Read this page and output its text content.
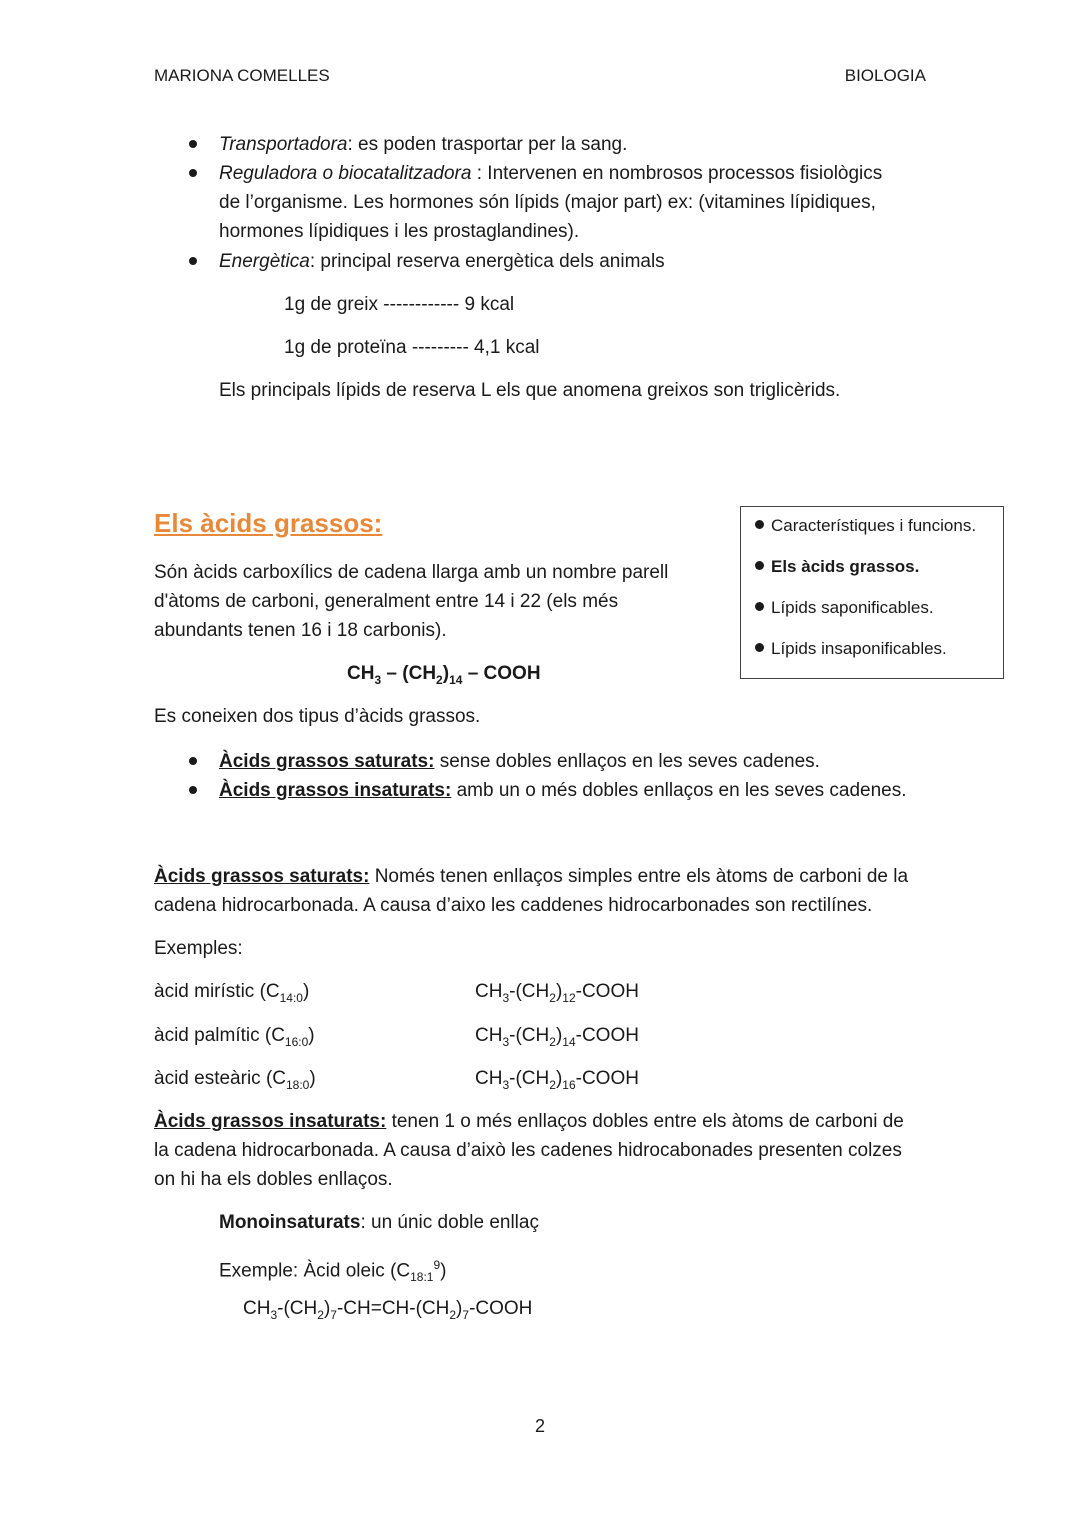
MARIONA COMELLES	BIOLOGIA
Transportadora: es poden trasportar per la sang.
Reguladora o biocatalitzadora : Intervenen en nombrosos processos fisiològics
de l’organisme. Les hormones són lípids (major part) ex: (vitamines lípidiques,
hormones lípidiques i les prostaglandines).
Energètica: principal reserva energètica dels animals
1g de greix ------------ 9 kcal
1g de proteïna --------- 4,1 kcal
Els principals lípids de reserva L els que anomena greixos son triglicèrids.
Els àcids grassos:	Característiques i funcions.
Els àcids grassos.
Lípids saponificables.
Lípids insaponificables.
Són àcids carboxílics de cadena llarga amb un nombre parell
d'àtoms de carboni, generalment entre 14 i 22 (els més
abundants tenen 16 i 18 carbonis).
$CH_3 - (CH_2)_{14}$ – COOH
Es coneixen dos tipus d’àcids grassos.
Àcids grassos saturats: sense dobles enllaços en les seves cadenes.
Àcids grassos insaturats: amb un o més dobles enllaços en les seves cadenes.
Àcids grassos saturats: Només tenen enllaços simples entre els àtoms de carboni de la
cadena hidrocarbonada. A causa d’aixo les caddenes hidrocarbonades son rectilínes.
Exemples:
àcid mirístic $(C_{14:0})$	$CH_3-(CH_2)_{12}$-COOH
àcid palmític $(C_{16:0})$	$CH_3-(CH_2)_{14}$-COOH
àcid esteàric $(C_{18:0})$	$CH_3-(CH_2)_{16}$-COOH
Àcids grassos insaturats: tenen 1 o més enllaços dobles entre els àtoms de carboni de
la cadena hidrocarbonada. A causa d’això les cadenes hidrocabonades presenten colzes
on hi ha els dobles enllaços.
Monoinsaturats: un únic doble enllaç
Exemple: Àcid oleic $(C_{18:1}^9)$
$CH_3-(CH_2)_7-CH=CH-(CH_2)_7$-COOH
2
